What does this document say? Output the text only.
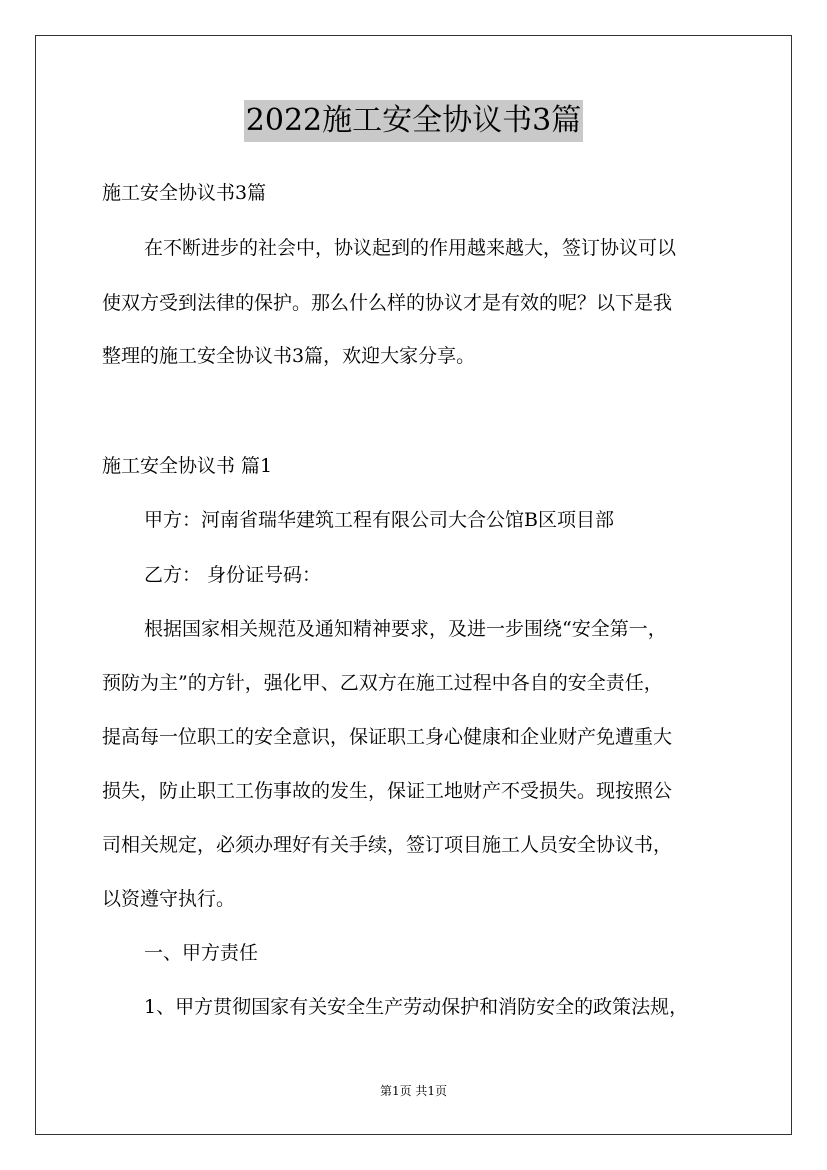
2022施工安全协议书3篇
施工安全协议书3篇
在不断进步的社会中，协议起到的作用越来越大，签订协议可以
使双方受到法律的保护。那么什么样的协议才是有效的呢？以下是我
整理的施工安全协议书3篇，欢迎大家分享。
施工安全协议书 篇1
甲方：河南省瑞华建筑工程有限公司大合公馆B区项目部
乙方： 身份证号码：
根据国家相关规范及通知精神要求，及进一步围绕“安全第一，
预防为主”的方针，强化甲、乙双方在施工过程中各自的安全责任，
提高每一位职工的安全意识，保证职工身心健康和企业财产免遭重大
损失，防止职工工伤事故的发生，保证工地财产不受损失。现按照公
司相关规定，必须办理好有关手续，签订项目施工人员安全协议书，
以资遵守执行。
一、甲方责任
1、甲方贯彻国家有关安全生产劳动保护和消防安全的政策法规，
第1页 共1页
